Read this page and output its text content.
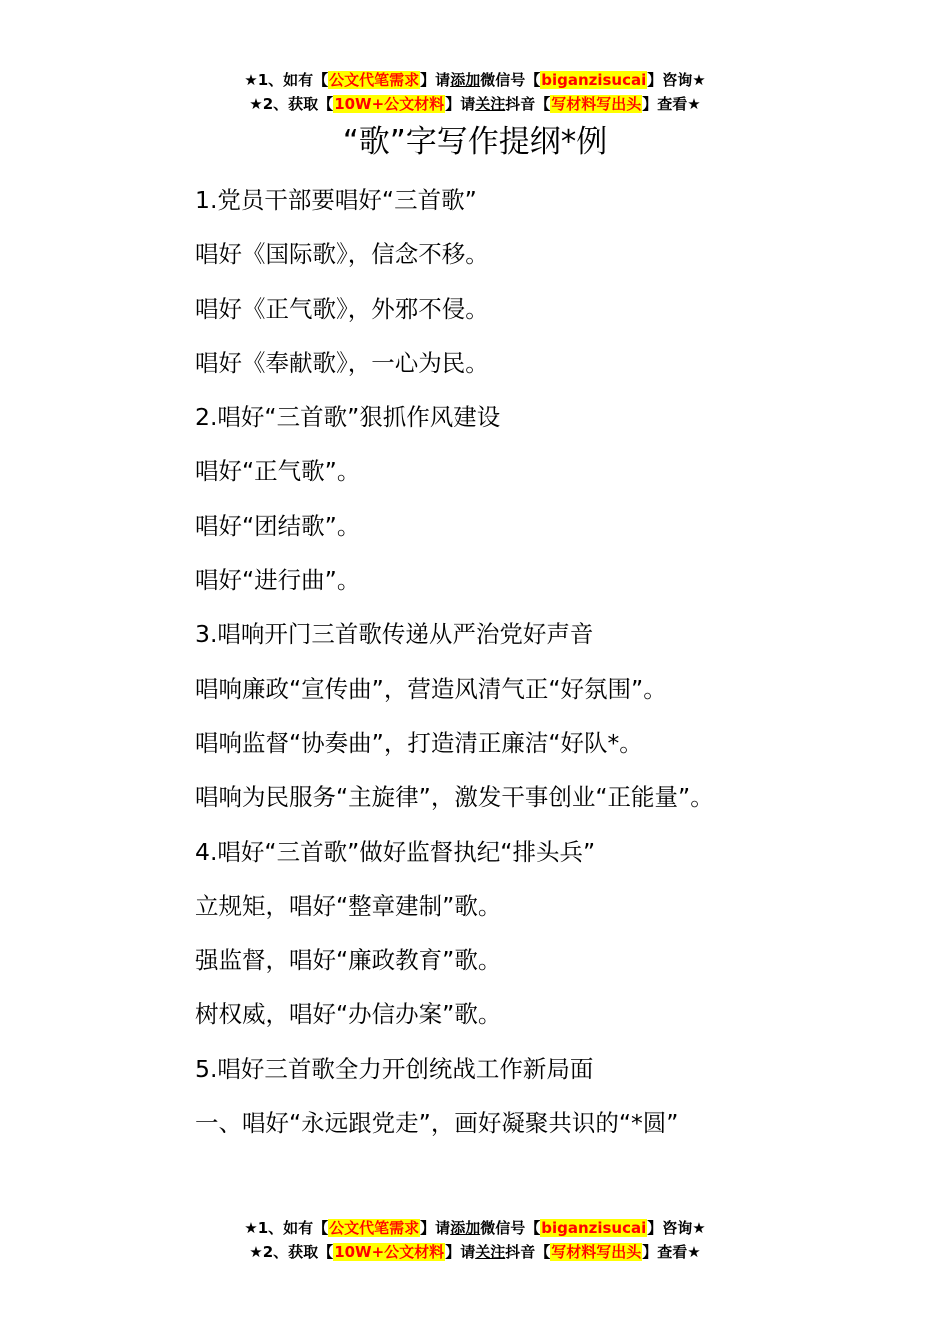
★1、如有【公文代笔需求】请添加微信号【biganzisucai】咨询★
★2、获取【10W+公文材料】请关注抖音【写材料写出头】查看★
“歌”字写作提纲*例
1.党员干部要唱好“三首歌”
唱好《国际歌》，信念不移。
唱好《正气歌》，外邪不侵。
唱好《奉献歌》，一心为民。
2.唱好“三首歌”狠抓作风建设
唱好“正气歌”。
唱好“团结歌”。
唱好“进行曲”。
3.唱响开门三首歌传递从严治党好声音
唱响廉政“宣传曲”，营造风清气正“好氛围”。
唱响监督“协奏曲”，打造清正廉洁“好队*。
唱响为民服务“主旋律”，激发干事创业“正能量”。
4.唱好“三首歌”做好监督执纪“排头兵”
立规矩，唱好“整章建制”歌。
强监督，唱好“廉政教育”歌。
树权威，唱好“办信办案”歌。
5.唱好三首歌全力开创统战工作新局面
一、唱好“永远跟党走”，画好凝聚共识的“*圆”
★1、如有【公文代笔需求】请添加微信号【biganzisucai】咨询★
★2、获取【10W+公文材料】请关注抖音【写材料写出头】查看★
